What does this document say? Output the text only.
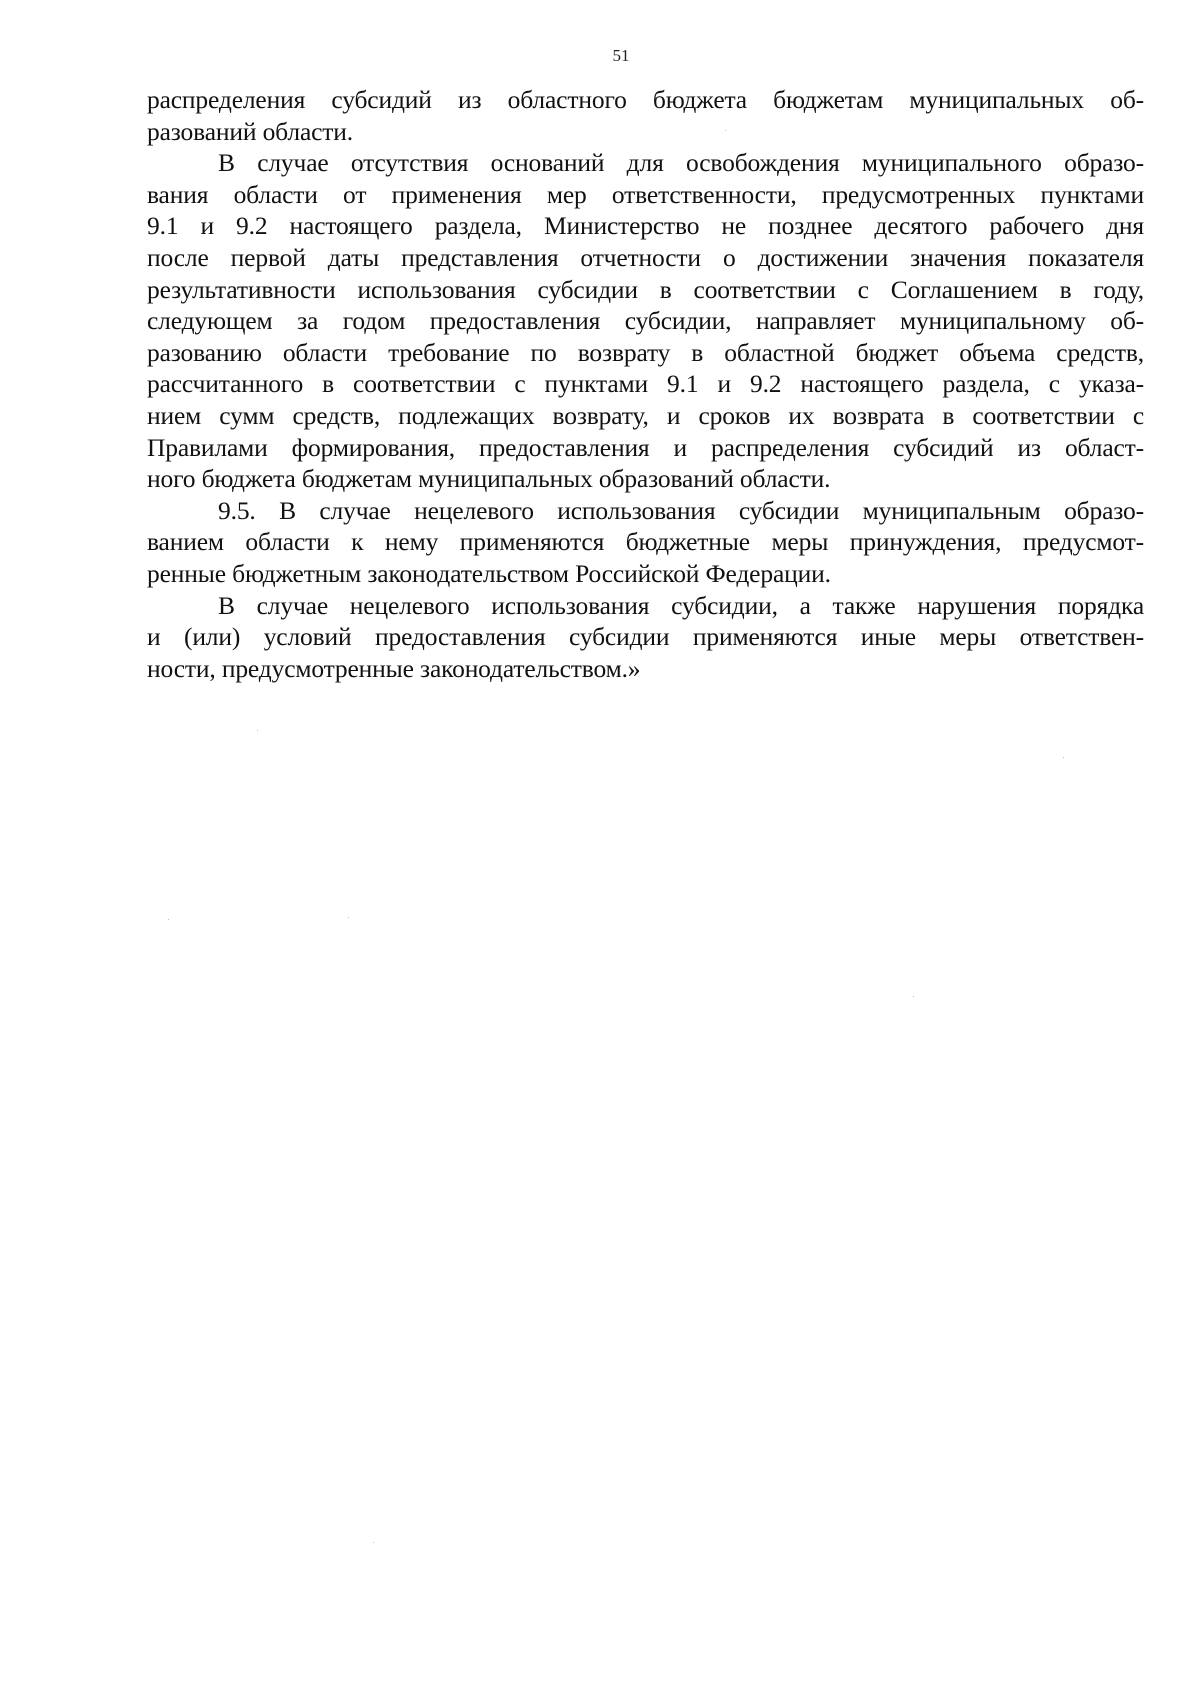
51

распределения субсидий из областного бюджета бюджетам муниципальных об-
разований области.

В случае отсутствия оснований для освобождения муниципального образо-
вания области от применения мер ответственности, предусмотренных пунктами
9.1 и 9.2 настоящего раздела, Министерство не позднее десятого рабочего дня
после первой даты представления отчетности о достижении значения показателя
результативности использования субсидии в соответствии с Соглашением в году,
следующем за годом предоставления субсидии, направляет муниципальному об-
разованию области требование по возврату в областной бюджет объема средств,
рассчитанного в соответствии с пунктами 9.1 и 9.2 настоящего раздела, с указа-
нием сумм средств, подлежащих возврату, и сроков их возврата в соответствии с
Правилами формирования, предоставления и распределения субсидий из област-
ного бюджета бюджетам муниципальных образований области.

9.5. В случае нецелевого использования субсидии муниципальным образо-
ванием области к нему применяются бюджетные меры принуждения, предусмот-
ренные бюджетным законодательством Российской Федерации.

В случае нецелевого использования субсидии, а также нарушения порядка
и (или) условий предоставления субсидии применяются иные меры ответствен-
ности, предусмотренные законодательством.»
